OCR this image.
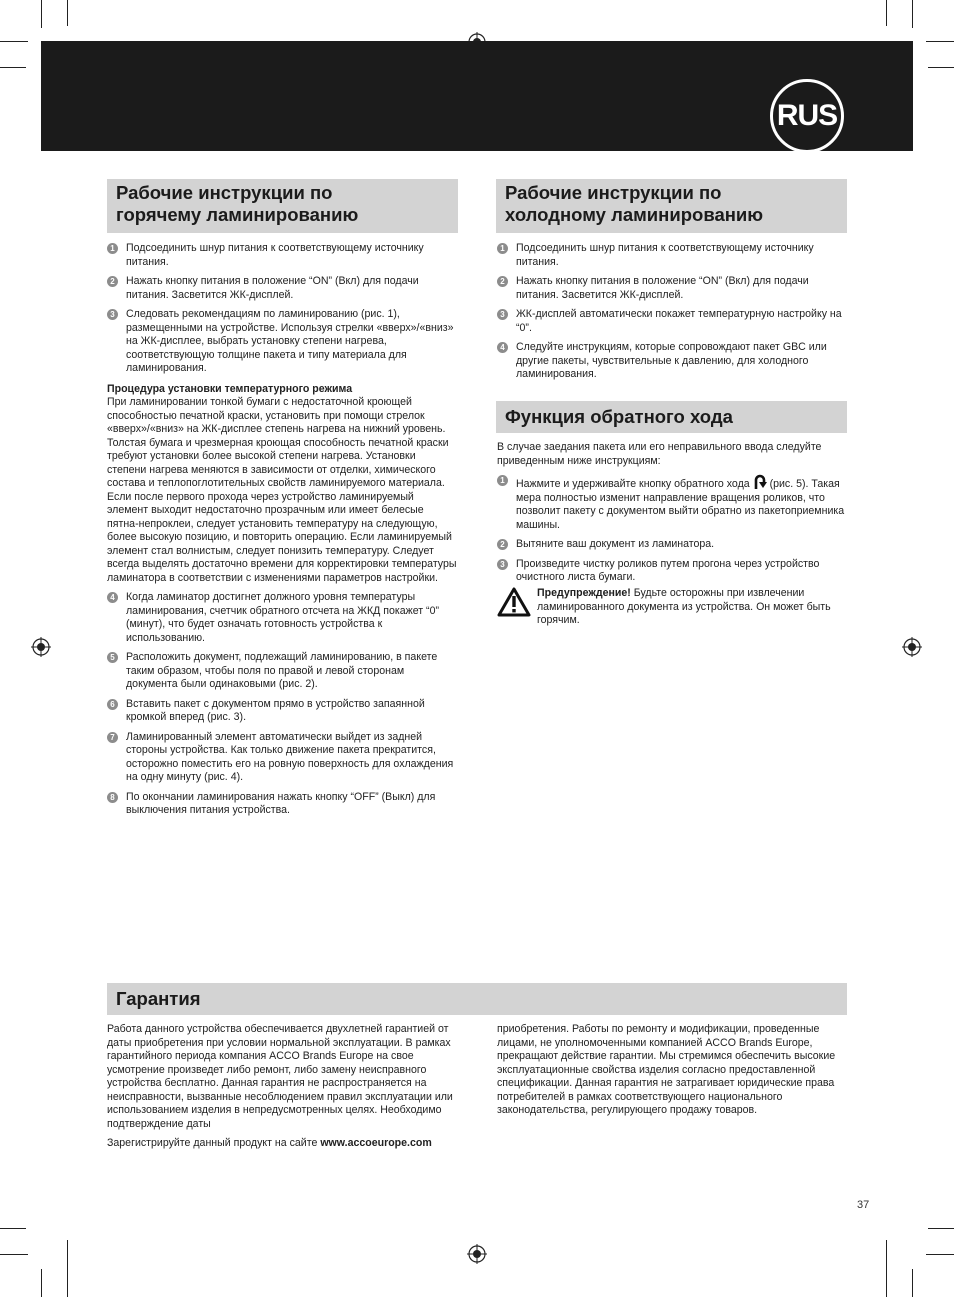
RUS
Рабочие инструкции по
горячему ламинированию
1	Подсоединить шнур питания к соответствующему источнику питания.
2	Нажать кнопку питания в положение “ON” (Вкл) для подачи питания. Засветится ЖК-дисплей.
3	Следовать рекомендациям по ламинированию (рис. 1), размещенными на устройстве. Используя стрелки «вверх»/«вниз» на ЖК-дисплее, выбрать установку степени нагрева, соответствующую толщине пакета и типу материала для ламинирования.

Процедура установки температурного режима

При ламинировании тонкой бумаги с недостаточной кроющей способностью печатной краски, установить при помощи стрелок «вверх»/«вниз» на ЖК-дисплее степень нагрева на нижний уровень. Толстая бумага и чрезмерная кроющая способность печатной краски требуют установки более высокой степени нагрева. Установки степени нагрева меняются в зависимости от отделки, химического состава и теплопоглотительных свойств ламинируемого материала. Если после первого прохода через устройство ламинируемый элемент выходит недостаточно прозрачным или имеет белесые пятна-непроклеи, следует установить температуру на следующую, более высокую позицию, и повторить операцию. Если ламинируемый элемент стал волнистым, следует понизить температуру. Следует всегда выделять достаточно времени для корректировки температуры ламинатора в соответствии с изменениями параметров настройки.

4	Когда ламинатор достигнет должного уровня температуры ламинирования, счетчик обратного отсчета на ЖКД покажет “0” (минут), что будет означать готовность устройства к использованию.
5	Расположить документ, подлежащий ламинированию, в пакете таким образом, чтобы поля по правой и левой сторонам документа были одинаковыми (рис. 2).
6	Вставить пакет с документом прямо в устройство запаянной кромкой вперед (рис. 3).
7	Ламинированный элемент автоматически выйдет из задней стороны устройства. Как только движение пакета прекратится, осторожно поместить его на ровную поверхность для охлаждения на одну минуту (рис. 4).
8	По окончании ламинирования нажать кнопку “OFF” (Выкл) для выключения питания устройства.
Рабочие инструкции по
холодному ламинированию
1	Подсоединить шнур питания к соответствующему источнику питания.
2	Нажать кнопку питания в положение “ON” (Вкл) для подачи питания. Засветится ЖК-дисплей.
3	ЖК-дисплей автоматически покажет температурную настройку на “0”.
4	Следуйте инструкциям, которые сопровождают пакет GBC или другие пакеты, чувствительные к давлению, для холодного ламинирования.
Функция обратного хода

В случае заедания пакета или его неправильного ввода следуйте приведенным ниже инструкциям:

1	Нажмите и удерживайте кнопку обратного хода (рис. 5). Такая мера полностью изменит направление вращения роликов, что позволит пакету с документом выйти обратно из пакетоприемника машины.
2	Вытяните ваш документ из ламинатора.
3	Произведите чистку роликов путем прогона через устройство очистного листа бумаги.
Предупреждение! Будьте осторожны при извлечении ламинированного документа из устройства. Он может быть горячим.
Гарантия

Работа данного устройства обеспечивается двухлетней гарантией от даты приобретения при условии нормальной эксплуатации. В рамках гарантийного периода компания ACCO Brands Europe на свое усмотрение произведет либо ремонт, либо замену неисправного устройства бесплатно. Данная гарантия не распространяется на неисправности, вызванные несоблюдением правил эксплуатации или использованием изделия в непредусмотренных целях. Необходимо подтверждение даты

Зарегистрируйте данный продукт на сайте www.accoeurope.com

приобретения. Работы по ремонту и модификации, проведенные лицами, не уполномоченными компанией ACCO Brands Europe, прекращают действие гарантии. Мы стремимся обеспечить высокие эксплуатационные свойства изделия согласно предоставленной спецификации. Данная гарантия не затрагивает юридические права потребителей в рамках соответствующего национального законодательства, регулирующего продажу товаров.

37
